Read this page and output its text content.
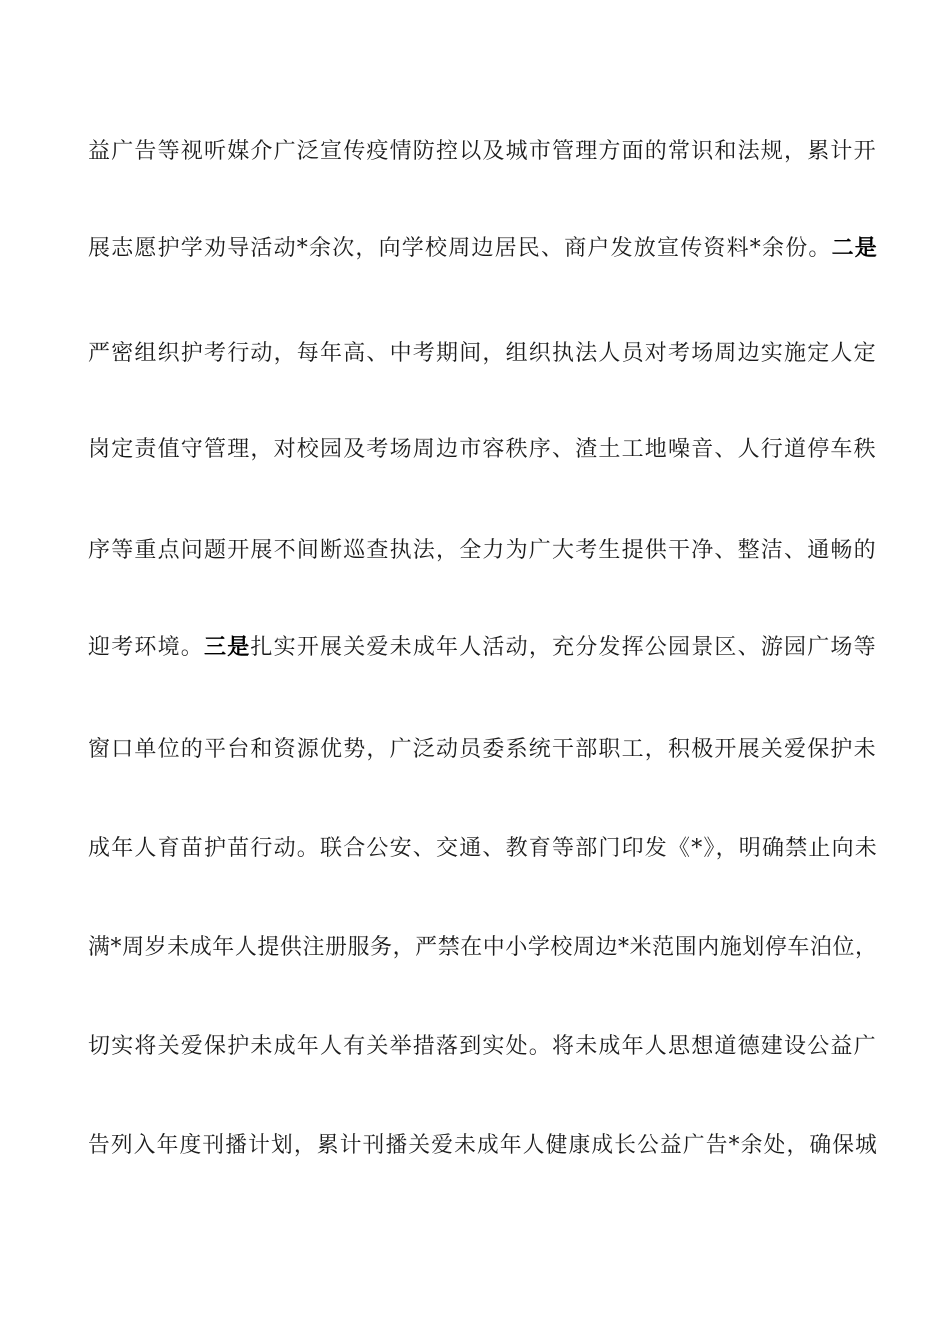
益广告等视听媒介广泛宣传疫情防控以及城市管理方面的常识和法规，累计开
展志愿护学劝导活动*余次，向学校周边居民、商户发放宣传资料*余份。二是
严密组织护考行动，每年高、中考期间，组织执法人员对考场周边实施定人定
岗定责值守管理，对校园及考场周边市容秩序、渣土工地噪音、人行道停车秩
序等重点问题开展不间断巡查执法，全力为广大考生提供干净、整洁、通畅的
迎考环境。三是扎实开展关爱未成年人活动，充分发挥公园景区、游园广场等
窗口单位的平台和资源优势，广泛动员委系统干部职工，积极开展关爱保护未
成年人育苗护苗行动。联合公安、交通、教育等部门印发《*》，明确禁止向未
满*周岁未成年人提供注册服务，严禁在中小学校周边*米范围内施划停车泊位，
切实将关爱保护未成年人有关举措落到实处。将未成年人思想道德建设公益广
告列入年度刊播计划，累计刊播关爱未成年人健康成长公益广告*余处，确保城
